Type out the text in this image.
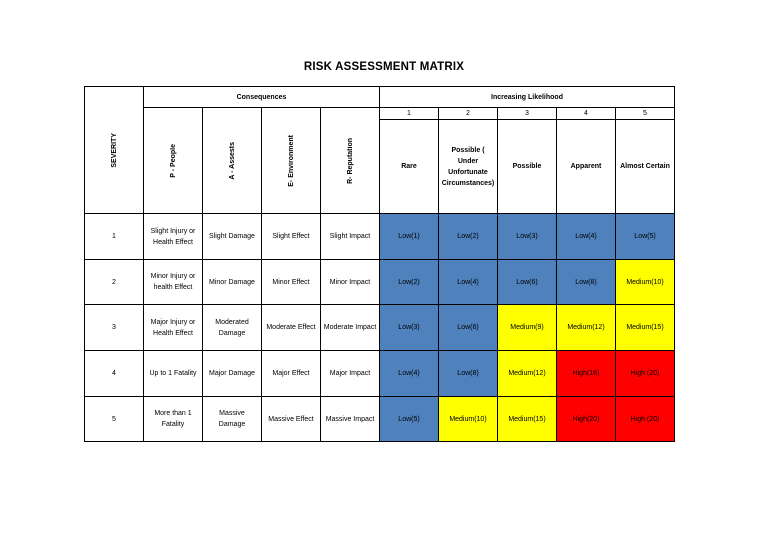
RISK ASSESSMENT MATRIX
SEVERITY	Consequences				Increasing Likelihood				

	P - People	A - Assests	E- Environment	R- Reputation	1	2	3	4	5
					Rare	Possible ( Under Unfortunate Circumstances)	Possible	Apparent	Almost Certain
1	Slight Injury or Health Effect	Slight Damage	Slight Effect	Slight Impact	Low(1)	Low(2)	Low(3)	Low(4)	Low(5)
2	Minor Injury or health Effect	Minor Damage	Minor Effect	Minor Impact	Low(2)	Low(4)	Low(6)	Low(8)	Medium(10)
3	Major Injury or Health Effect	Moderated Damage	Moderate Effect	Moderate Impact	Low(3)	Low(6)	Medium(9)	Medium(12)	Medium(15)
4	Up to 1 Fatality	Major Damage	Major Effect	Major Impact	Low(4)	Low(8)	Medium(12)	High(16)	High (20)
5	More than 1 Fatality	Massive Damage	Massive Effect	Massive Impact	Low(5)	Medium(10)	Medium(15)	High(20)	High (20)
